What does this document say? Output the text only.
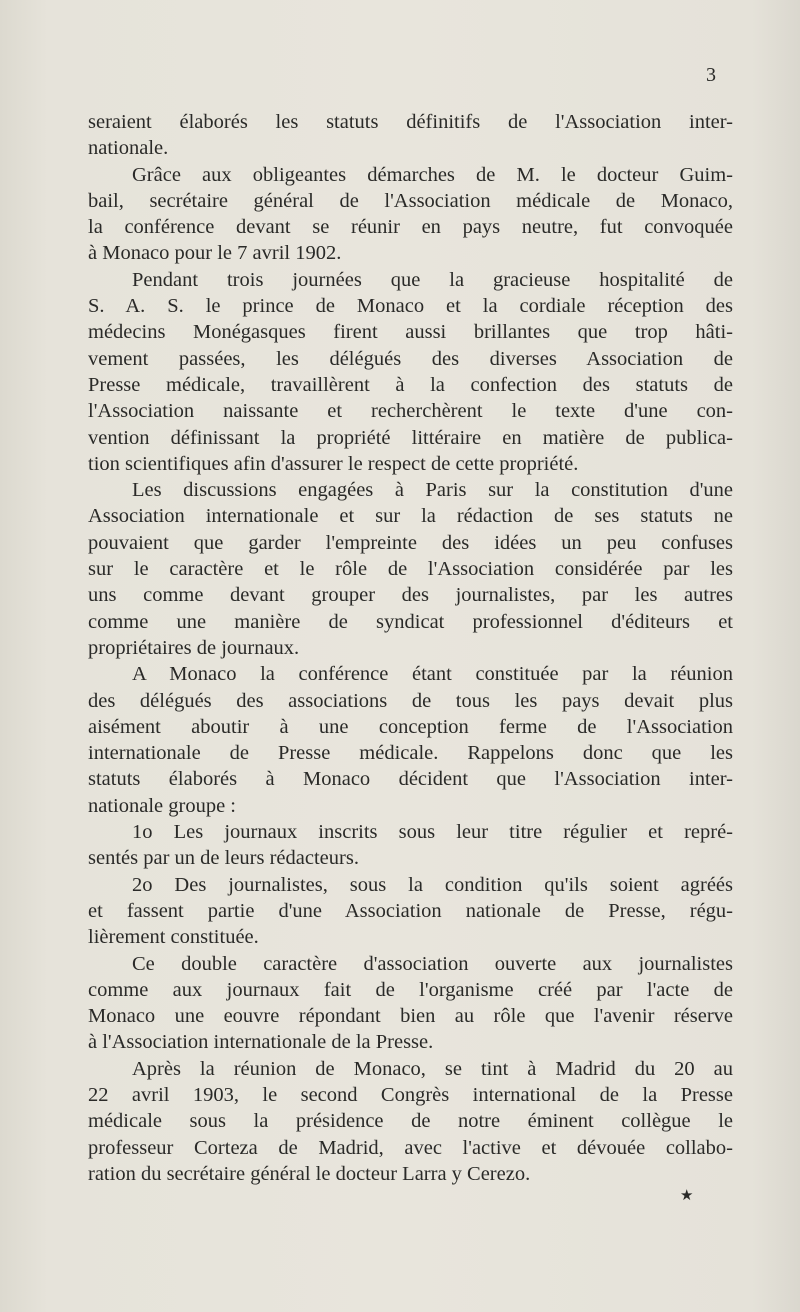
3
seraient élaborés les statuts définitifs de l'Association inter-
nationale.
Grâce aux obligeantes démarches de M. le docteur Guim-
bail, secrétaire général de l'Association médicale de Monaco,
la conférence devant se réunir en pays neutre, fut convoquée
à Monaco pour le 7 avril 1902.
Pendant trois journées que la gracieuse hospitalité de
S. A. S. le prince de Monaco et la cordiale réception des
médecins Monégasques firent aussi brillantes que trop hâti-
vement passées, les délégués des diverses Association de
Presse médicale, travaillèrent à la confection des statuts de
l'Association naissante et recherchèrent le texte d'une con-
vention définissant la propriété littéraire en matière de publica-
tion scientifiques afin d'assurer le respect de cette propriété.
Les discussions engagées à Paris sur la constitution d'une
Association internationale et sur la rédaction de ses statuts ne
pouvaient que garder l'empreinte des idées un peu confuses
sur le caractère et le rôle de l'Association considérée par les
uns comme devant grouper des journalistes, par les autres
comme une manière de syndicat professionnel d'éditeurs et
propriétaires de journaux.
A Monaco la conférence étant constituée par la réunion
des délégués des associations de tous les pays devait plus
aisément aboutir à une conception ferme de l'Association
internationale de Presse médicale. Rappelons donc que les
statuts élaborés à Monaco décident que l'Association inter-
nationale groupe :
1o Les journaux inscrits sous leur titre régulier et repré-
sentés par un de leurs rédacteurs.
2o Des journalistes, sous la condition qu'ils soient agréés
et fassent partie d'une Association nationale de Presse, régu-
lièrement constituée.
Ce double caractère d'association ouverte aux journalistes
comme aux journaux fait de l'organisme créé par l'acte de
Monaco une eouvre répondant bien au rôle que l'avenir réserve
à l'Association internationale de la Presse.
Après la réunion de Monaco, se tint à Madrid du 20 au
22 avril 1903, le second Congrès international de la Presse
médicale sous la présidence de notre éminent collègue le
professeur Corteza de Madrid, avec l'active et dévouée collabo-
ration du secrétaire général le docteur Larra y Cerezo.
★
